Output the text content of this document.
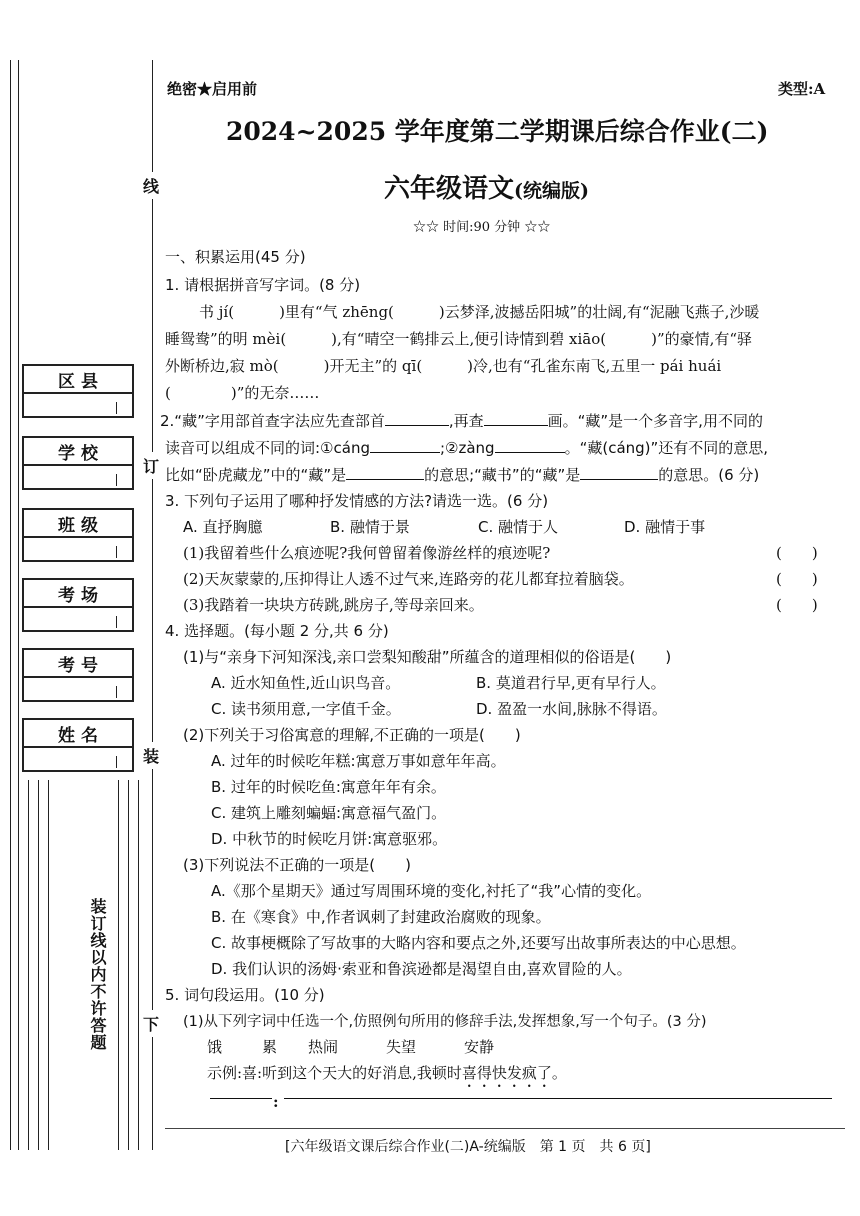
线
订
装
下
区 县
学 校
班 级
考 场
考 号
姓 名
装订线以内不许答题
绝密★启用前	类型:A
2024~2025 学年度第二学期课后综合作业(二)
六年级语文(统编版)
☆☆ 时间:90 分钟 ☆☆
一、积累运用(45 分)
1. 请根据拼音写字词。(8 分)
书 jí(　　　)里有“气 zhēng(　　　)云梦泽,波撼岳阳城”的壮阔,有“泥融飞燕子,沙暖
睡鸳鸯”的明 mèi(　　　),有“晴空一鹤排云上,便引诗情到碧 xiāo(　　　)”的豪情,有“驿
外断桥边,寂 mò(　　　)开无主”的 qī(　　　)冷,也有“孔雀东南飞,五里一 pái huái
(　　　　)”的无奈……
2.“藏”字用部首查字法应先查部首	,再查	画。“藏”是一个多音字,用不同的
读音可以组成不同的词:①cáng	;②zàng	。“藏(cáng)”还有不同的意思,
比如“卧虎藏龙”中的“藏”是	的意思;“藏书”的“藏”是	的意思。(6 分)
3. 下列句子运用了哪种抒发情感的方法?请选一选。(6 分)
A. 直抒胸臆	B. 融情于景	C. 融情于人	D. 融情于事
(1)我留着些什么痕迹呢?我何曾留着像游丝样的痕迹呢?	(　　)
(2)天灰蒙蒙的,压抑得让人透不过气来,连路旁的花儿都耷拉着脑袋。	(　　)
(3)我踏着一块块方砖跳,跳房子,等母亲回来。	(　　)
4. 选择题。(每小题 2 分,共 6 分)
(1)与“亲身下河知深浅,亲口尝梨知酸甜”所蕴含的道理相似的俗语是(　　)
A. 近水知鱼性,近山识鸟音。	B. 莫道君行早,更有早行人。
C. 读书须用意,一字值千金。	D. 盈盈一水间,脉脉不得语。
(2)下列关于习俗寓意的理解,不正确的一项是(　　)
A. 过年的时候吃年糕:寓意万事如意年年高。
B. 过年的时候吃鱼:寓意年年有余。
C. 建筑上雕刻蝙蝠:寓意福气盈门。
D. 中秋节的时候吃月饼:寓意驱邪。
(3)下列说法不正确的一项是(　　)
A.《那个星期天》通过写周围环境的变化,衬托了“我”心情的变化。
B. 在《寒食》中,作者讽刺了封建政治腐败的现象。
C. 故事梗概除了写故事的大略内容和要点之外,还要写出故事所表达的中心思想。
D. 我们认识的汤姆·索亚和鲁滨逊都是渴望自由,喜欢冒险的人。
5. 词句段运用。(10 分)
(1)从下列字词中任选一个,仿照例句所用的修辞手法,发挥想象,写一个句子。(3 分)
饿	累 热闹	失望	安静
示例:喜:听到这个天大的好消息,我顿时喜得快发疯了。
:
[六年级语文课后综合作业(二)A-统编版　第 1 页　共 6 页]
